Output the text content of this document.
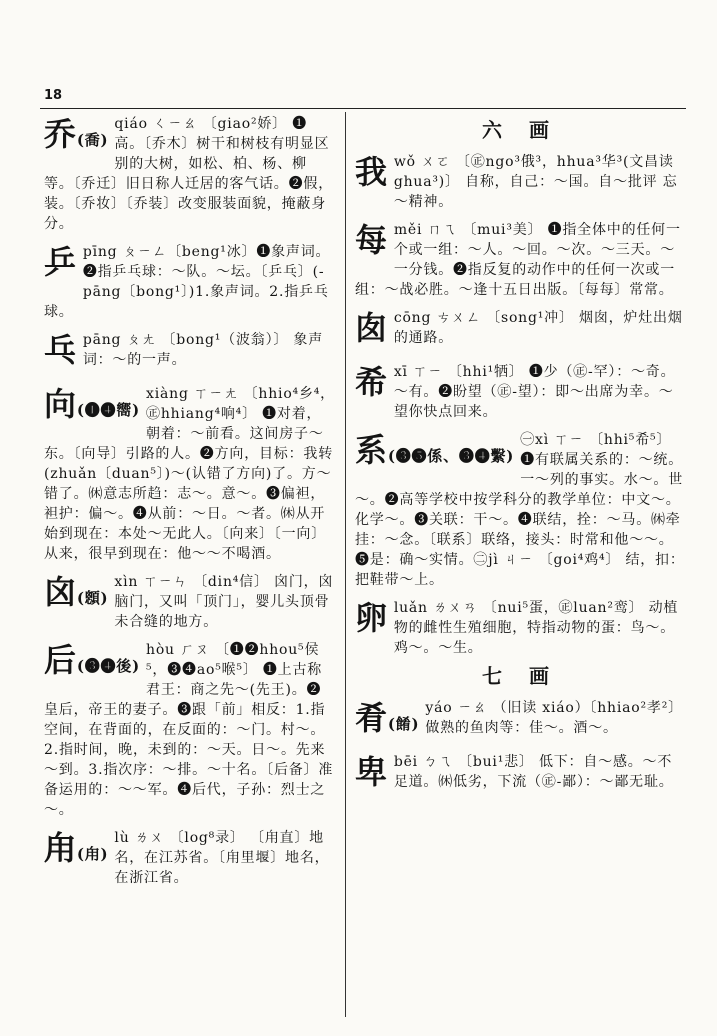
18
乔(喬)
qiáo ㄑㄧㄠ 〔giao²娇〕 ❶高。〔乔木〕树干和树枝有明显区别的大树，如松、柏、杨、柳等。〔乔迁〕旧日称人迁居的客气话。❷假，装。〔乔妆〕〔乔装〕改变服装面貌，掩蔽身分。
乒 pīng ㄆㄧㄥ〔beng¹冰〕❶象声词。❷指乒乓球：～队。～坛。〔乒乓〕(-pāng〔bong¹〕)1.象声词。2.指乒乓球。
乓 pāng ㄆㄤ 〔bong¹（波翁）〕 象声词：～的一声。
向(❶❹嚮)
xiàng ㄒㄧㄤ 〔hhio⁴乡⁴，㊣hhiang⁴响⁴〕 ❶对着，朝着：～前看。这间房子～东。〔向导〕引路的人。❷方向，目标：我转(zhuǎn〔duan⁵〕)～(认错了方向)了。方～错了。㉁意志所趋：志～。意～。❸偏袒，袒护：偏～。❹从前：～日。～者。㉁从开始到现在：本处～无此人。〔向来〕〔一向〕从来，很早到现在：他～～不喝酒。
囟(顖)
xìn ㄒㄧㄣ 〔din⁴信〕 囟门，囟脑门，又叫「顶门」，婴儿头顶骨未合缝的地方。
后(❸❹後)
hòu ㄏㄡ 〔❶❷hhou⁵侯⁵，❸❹ao⁵喉⁵〕 ❶上古称君王：商之先～(先王)。❷皇后，帝王的妻子。❸跟「前」相反：1.指空间，在背面的，在反面的：～门。村～。2.指时间，晚，未到的：～天。日～。先来～到。3.指次序：～排。～十名。〔后备〕准备运用的：～～军。❹后代，子孙：烈士之～。
甪(甪)
lù ㄌㄨ 〔log⁸录〕 〔甪直〕地名，在江苏省。〔甪里堰〕地名，在浙江省。
六 画
我 wǒ ㄨㄛ 〔㊣ngo³俄³，hhua³华³(文昌读ghua³)〕 自称，自己：～国。自～批评 忘～精神。
每 měi ㄇㄟ 〔mui³美〕 ❶指全体中的任何一个或一组：～人。～回。～次。～三天。～一分钱。❷指反复的动作中的任何一次或一组：～战必胜。～逢十五日出版。〔每每〕常常。
囱 cōng ㄘㄨㄥ 〔song¹冲〕 烟囱，炉灶出烟的通路。
希 xī ㄒㄧ 〔hhi¹牺〕 ❶少（㊣-罕）：～奇。～有。❷盼望（㊣-望）：即～出席为幸。～望你快点回来。
系(❸❺係、❸❹繫)
㊀xì ㄒㄧ 〔hhi⁵希⁵〕 ❶有联属关系的：～统。一～列的事实。水～。世～。❷高等学校中按学科分的教学单位：中文～。化学～。❸关联：干～。❹联结，拴：～马。㉁牵挂：～念。〔联系〕联络，接头：时常和他～～。❺是：确～实情。㊁jì ㄐㄧ 〔goi⁴鸡⁴〕 结，扣：把鞋带～上。
卵 luǎn ㄌㄨㄢ 〔nui⁵蛋，㊣luan²鸾〕 动植物的雌性生殖细胞，特指动物的蛋：鸟～。鸡～。～生。
七 画
肴(餚)
yáo ㄧㄠ （旧读 xiáo）〔hhiao²孝²〕 做熟的鱼肉等：佳～。酒～。
卑 bēi ㄅㄟ 〔bui¹悲〕 低下：自～感。～不足道。㉁低劣，下流（㊣-鄙）：～鄙无耻。
